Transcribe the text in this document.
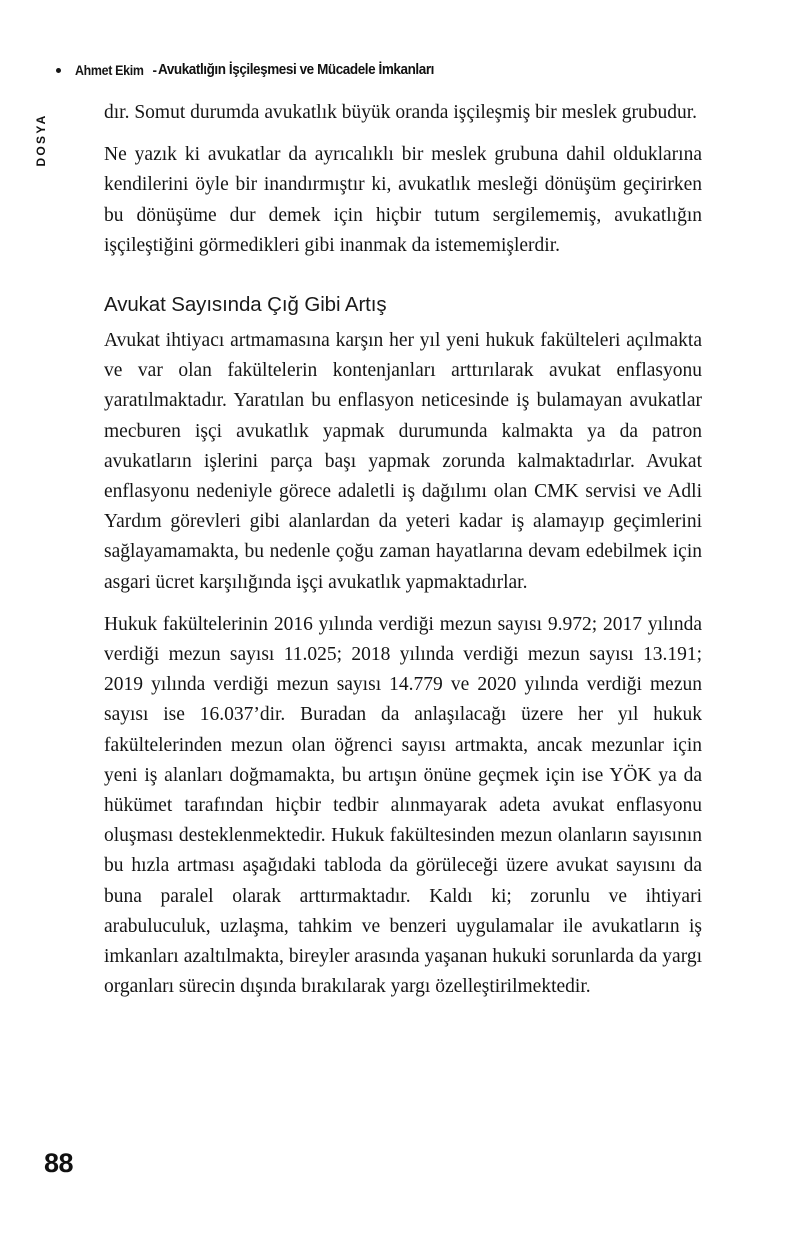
Ahmet Ekim - Avukatlığın İşçileşmesi ve Mücadele İmkanları
DOSYA

dır. Somut durumda avukatlık büyük oranda işçileşmiş bir meslek grubudur.

Ne yazık ki avukatlar da ayrıcalıklı bir meslek grubuna dahil olduklarına kendilerini öyle bir inandırmıştır ki, avukatlık mesleği dönüşüm geçirirken bu dönüşüme dur demek için hiçbir tutum sergilememiş, avukatlığın işçileştiğini görmedikleri gibi inanmak da istememişlerdir.

Avukat Sayısında Çığ Gibi Artış

Avukat ihtiyacı artmamasına karşın her yıl yeni hukuk fakülteleri açılmakta ve var olan fakültelerin kontenjanları arttırılarak avukat enflasyonu yaratılmaktadır. Yaratılan bu enflasyon neticesinde iş bulamayan avukatlar mecburen işçi avukatlık yapmak durumunda kalmakta ya da patron avukatların işlerini parça başı yapmak zorunda kalmaktadırlar. Avukat enflasyonu nedeniyle görece adaletli iş dağılımı olan CMK servisi ve Adli Yardım görevleri gibi alanlardan da yeteri kadar iş alamayıp geçimlerini sağlayamamakta, bu nedenle çoğu zaman hayatlarına devam edebilmek için asgari ücret karşılığında işçi avukatlık yapmaktadırlar.

Hukuk fakültelerinin 2016 yılında verdiği mezun sayısı 9.972; 2017 yılında verdiği mezun sayısı 11.025; 2018 yılında verdiği mezun sayısı 13.191; 2019 yılında verdiği mezun sayısı 14.779 ve 2020 yılında verdiği mezun sayısı ise 16.037’dir. Buradan da anlaşılacağı üzere her yıl hukuk fakültelerinden mezun olan öğrenci sayısı artmakta, ancak mezunlar için yeni iş alanları doğmamakta, bu artışın önüne geçmek için ise YÖK ya da hükümet tarafından hiçbir tedbir alınmayarak adeta avukat enflasyonu oluşması desteklenmektedir. Hukuk fakültesinden mezun olanların sayısının bu hızla artması aşağıdaki tabloda da görüleceği üzere avukat sayısını da buna paralel olarak arttırmaktadır. Kaldı ki; zorunlu ve ihtiyari arabuluculuk, uzlaşma, tahkim ve benzeri uygulamalar ile avukatların iş imkanları azaltılmakta, bireyler arasında yaşanan hukuki sorunlarda da yargı organları sürecin dışında bırakılarak yargı özelleştirilmektedir.

88
